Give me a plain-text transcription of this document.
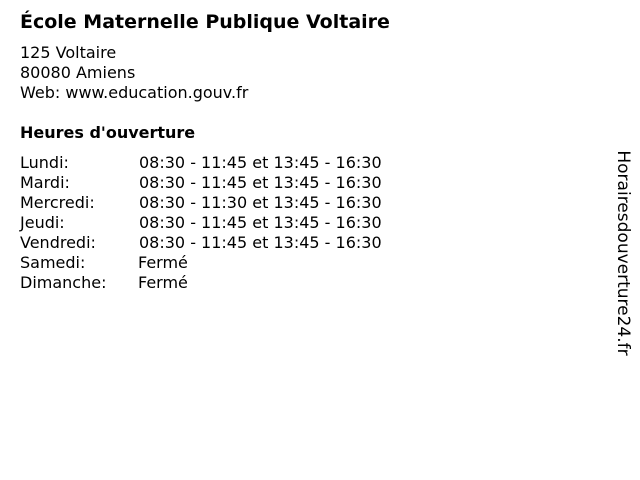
École Maternelle Publique Voltaire
125 Voltaire
80080 Amiens
Web: www.education.gouv.fr
Heures d'ouverture
Lundi:	08:30 - 11:45 et 13:45 - 16:30
Mardi:	08:30 - 11:45 et 13:45 - 16:30
Mercredi:	08:30 - 11:30 et 13:45 - 16:30
Jeudi:	08:30 - 11:45 et 13:45 - 16:30
Vendredi:	08:30 - 11:45 et 13:45 - 16:30
Samedi:	Fermé
Dimanche:	Fermé	Horairesdouverture24.fr
